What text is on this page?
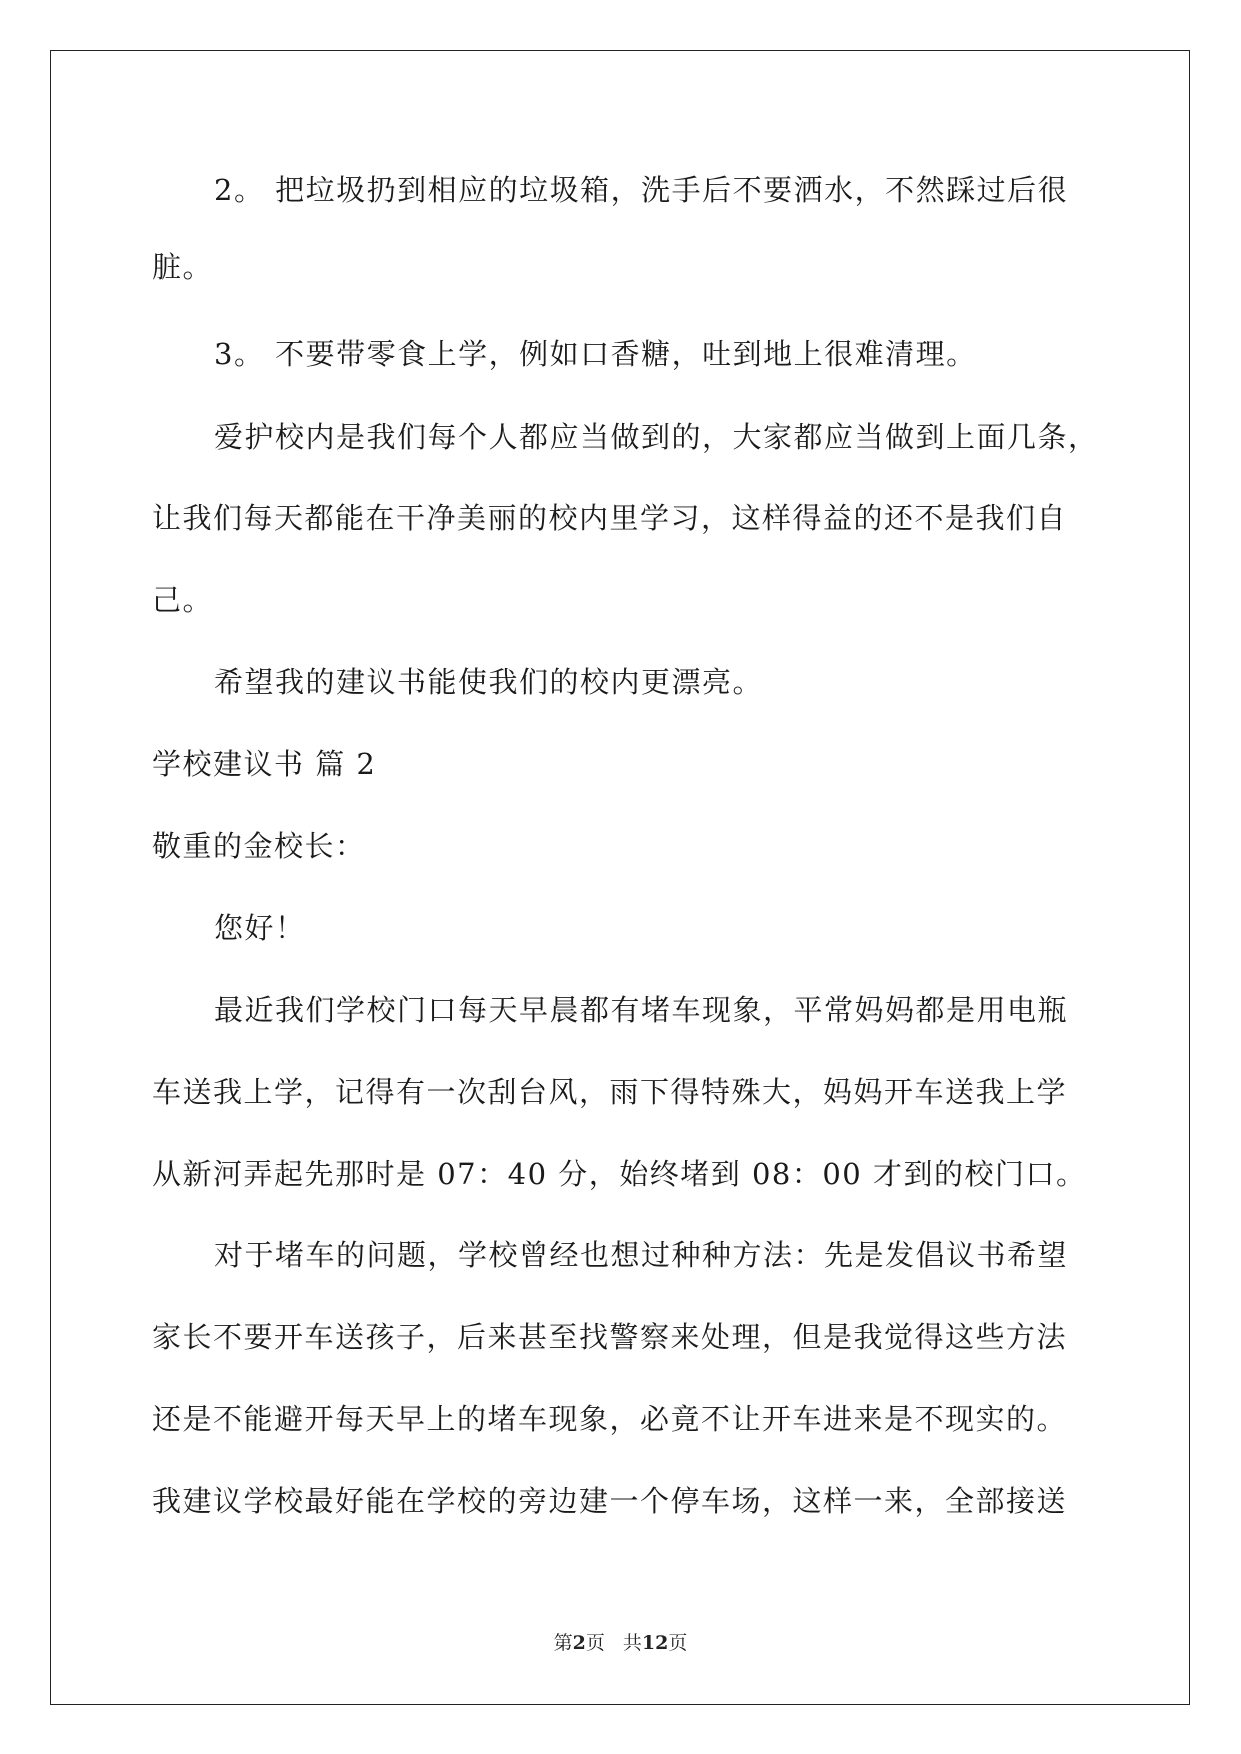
2。 把垃圾扔到相应的垃圾箱，洗手后不要洒水，不然踩过后很
脏。
3。 不要带零食上学，例如口香糖，吐到地上很难清理。
爱护校内是我们每个人都应当做到的，大家都应当做到上面几条，
让我们每天都能在干净美丽的校内里学习，这样得益的还不是我们自
己。
希望我的建议书能使我们的校内更漂亮。
学校建议书 篇 2
敬重的金校长：
您好！
最近我们学校门口每天早晨都有堵车现象，平常妈妈都是用电瓶
车送我上学，记得有一次刮台风，雨下得特殊大，妈妈开车送我上学
从新河弄起先那时是 07：40 分，始终堵到 08：00 才到的校门口。
对于堵车的问题，学校曾经也想过种种方法：先是发倡议书希望
家长不要开车送孩子，后来甚至找警察来处理，但是我觉得这些方法
还是不能避开每天早上的堵车现象，必竟不让开车进来是不现实的。
我建议学校最好能在学校的旁边建一个停车场，这样一来，全部接送
第2页 共12页
